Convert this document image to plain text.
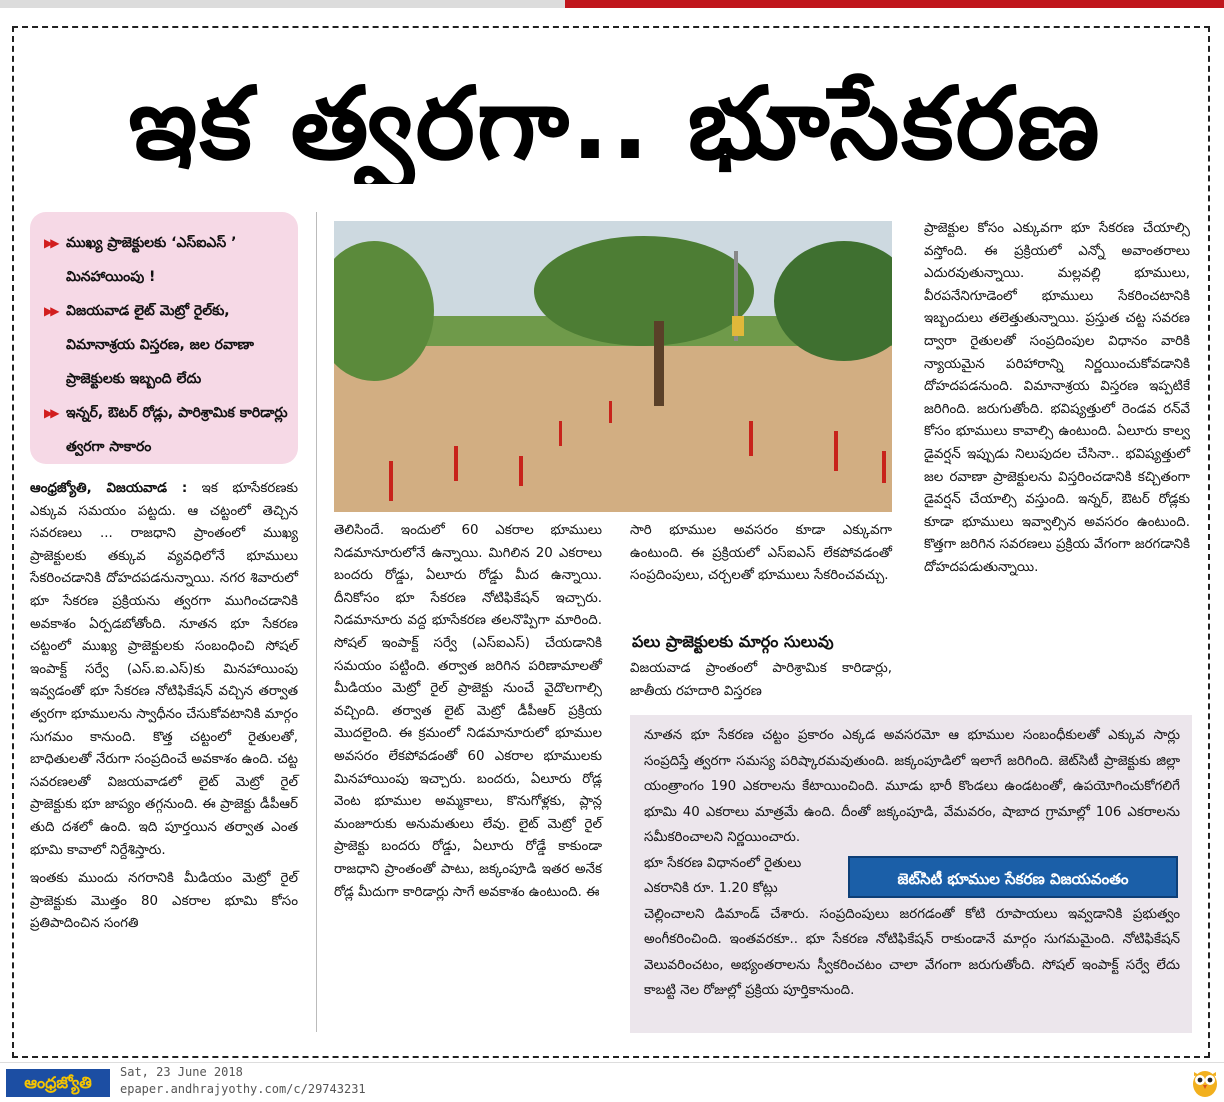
ఇక త్వరగా.. భూసేకరణ
▶▶ ముఖ్య ప్రాజెక్టులకు ‘ఎస్‌ఐఎస్ ’ మినహాయింపు !
▶▶ విజయవాడ లైట్ మెట్రో రైల్‌కు, విమానాశ్రయ విస్తరణ, జల రవాణా ప్రాజెక్టులకు ఇబ్బంది లేదు
▶▶ ఇన్నర్, ఔటర్ రోడ్లు, పారిశ్రామిక కారిడార్లు త్వరగా సాకారం

ఆంధ్రజ్యోతి, విజయవాడ : ఇక భూసేకరణకు ఎక్కువ సమయం పట్టదు. ఆ చట్టంలో తెచ్చిన సవరణలు ... రాజధాని ప్రాంతంలో ముఖ్య ప్రాజెక్టులకు తక్కువ వ్యవధిలోనే భూములు సేకరించడానికి దోహదపడనున్నాయి. నగర శివారులో భూ సేకరణ ప్రక్రియను త్వరగా ముగించడానికి అవకాశం ఏర్పడబోతోంది. నూతన భూ సేకరణ చట్టంలో ముఖ్య ప్రాజెక్టులకు సంబంధించి సోషల్ ఇంపాక్ట్ సర్వే (ఎస్.ఐ.ఎస్)కు మినహాయింపు ఇవ్వడంతో భూ సేకరణ నోటిఫికేషన్ వచ్చిన తర్వాత త్వరగా భూములను స్వాధీనం చేసుకోవటానికి మార్గం సుగమం కానుంది. కొత్త చట్టంలో రైతులతో, బాధితులతో నేరుగా సంప్రదించే అవకాశం ఉంది. చట్ట సవరణలతో విజయవాడలో లైట్ మెట్రో రైల్ ప్రాజెక్టుకు భూ జాప్యం తగ్గనుంది. ఈ ప్రాజెక్టు డీపీఆర్ తుది దశలో ఉంది. ఇది పూర్తయిన తర్వాత ఎంత భూమి కావాలో నిర్దేశిస్తారు.

ఇంతకు ముందు నగరానికి మీడియం మెట్రో రైల్ ప్రాజెక్టుకు మొత్తం 80 ఎకరాల భూమి కోసం ప్రతిపాదించిన సంగతి

తెలిసిందే. ఇందులో 60 ఎకరాల భూములు నిడమానూరులోనే ఉన్నాయి. మిగిలిన 20 ఎకరాలు బందరు రోడ్డు, ఏలూరు రోడ్డు మీద ఉన్నాయి. దీనికోసం భూ సేకరణ నోటిఫికేషన్ ఇచ్చారు. నిడమానూరు వద్ద భూసేకరణ తలనొప్పిగా మారింది. సోషల్ ఇంపాక్ట్ సర్వే (ఎస్ఐఎస్) చేయడానికి సమయం పట్టింది. తర్వాత జరిగిన పరిణామాలతో మీడియం మెట్రో రైల్ ప్రాజెక్టు నుంచే వైదొలగాల్సి వచ్చింది. తర్వాత లైట్ మెట్రో డీపీఆర్ ప్రక్రియ మొదలైంది. ఈ క్రమంలో నిడమానూరులో భూముల అవసరం లేకపోవడంతో 60 ఎకరాల భూములకు మినహాయింపు ఇచ్చారు. బందరు, ఏలూరు రోడ్ల వెంట భూముల అమ్మకాలు, కొనుగోళ్లకు, ప్లాన్ల మంజూరుకు అనుమతులు లేవు. లైట్ మెట్రో రైల్ ప్రాజెక్టు బందరు రోడ్డు, ఏలూరు రోడ్డే కాకుండా రాజధాని ప్రాంతంతో పాటు, జక్కంపూడి ఇతర అనేక రోడ్ల మీదుగా కారిడార్లు సాగే అవకాశం ఉంటుంది. ఈ
సారి భూముల అవసరం కూడా ఎక్కువగా ఉంటుంది. ఈ ప్రక్రియలో ఎస్ఐఎస్ లేకపోవడంతో సంప్రదింపులు, చర్చలతో భూములు సేకరించవచ్చు.
పలు ప్రాజెక్టులకు మార్గం సులువు
విజయవాడ ప్రాంతంలో పారిశ్రామిక కారిడార్లు, జాతీయ రహదారి విస్తరణ
ప్రాజెక్టుల కోసం ఎక్కువగా భూ సేకరణ చేయాల్సి వస్తోంది. ఈ ప్రక్రియలో ఎన్నో అవాంతరాలు ఎదురవుతున్నాయి. మల్లవల్లి భూములు, వీరపనేనిగూడెంలో భూములు సేకరించటానికి ఇబ్బందులు తలెత్తుతున్నాయి. ప్రస్తుత చట్ట సవరణ ద్వారా రైతులతో సంప్రదింపుల విధానం వారికి న్యాయమైన పరిహారాన్ని నిర్ణయించుకోవడానికి దోహదపడనుంది. విమానాశ్రయ విస్తరణ ఇప్పటికే జరిగింది. జరుగుతోంది. భవిష్యత్తులో రెండవ రన్‌వే కోసం భూములు కావాల్సి ఉంటుంది. ఏలూరు కాల్వ డైవర్షన్ ఇప్పుడు నిలుపుదల చేసినా.. భవిష్యత్తులో జల రవాణా ప్రాజెక్టులను విస్తరించడానికి కచ్చితంగా డైవర్షన్ చేయాల్సి వస్తుంది. ఇన్నర్, ఔటర్ రోడ్లకు కూడా భూములు ఇవ్వాల్సిన అవసరం ఉంటుంది. కొత్తగా జరిగిన సవరణలు ప్రక్రియ వేగంగా జరగడానికి దోహదపడుతున్నాయి.
నూతన భూ సేకరణ చట్టం ప్రకారం ఎక్కడ అవసరమో ఆ భూముల సంబంధీకులతో ఎక్కువ సార్లు సంప్రదిస్తే త్వరగా సమస్య పరిష్కారమవుతుంది. జక్కంపూడిలో ఇలాగే జరిగింది. జెట్‌సిటీ ప్రాజెక్టుకు జిల్లా యంత్రాంగం 190 ఎకరాలను కేటాయించింది. మూడు భారీ కొండలు ఉండటంతో, ఉపయోగించుకోగలిగే భూమి 40 ఎకరాలు మాత్రమే ఉంది. దీంతో జక్కంపూడి, వేమవరం, షాబాద గ్రామాల్లో 106 ఎకరాలను సమీకరించాలని నిర్ణయించారు.
భూ సేకరణ విధానంలో రైతులు
ఎకరానికి రూ. 1.20 కోట్లు
చెల్లించాలని డిమాండ్ చేశారు. సంప్రదింపులు జరగడంతో కోటి రూపాయలు ఇవ్వడానికి ప్రభుత్వం అంగీకరించింది. ఇంతవరకూ.. భూ సేకరణ నోటిఫికేషన్ రాకుండానే మార్గం సుగమమైంది. నోటిఫికేషన్ వెలువరించటం, అభ్యంతరాలను స్వీకరించటం చాలా వేగంగా జరుగుతోంది. సోషల్ ఇంపాక్ట్ సర్వే లేదు కాబట్టి నెల రోజుల్లో ప్రక్రియ పూర్తికానుంది.
జెట్‌సిటీ భూముల సేకరణ విజయవంతం
ఆంధ్రజ్యోతి
Sat, 23 June 2018
epaper.andhrajyothy.com/c/29743231
